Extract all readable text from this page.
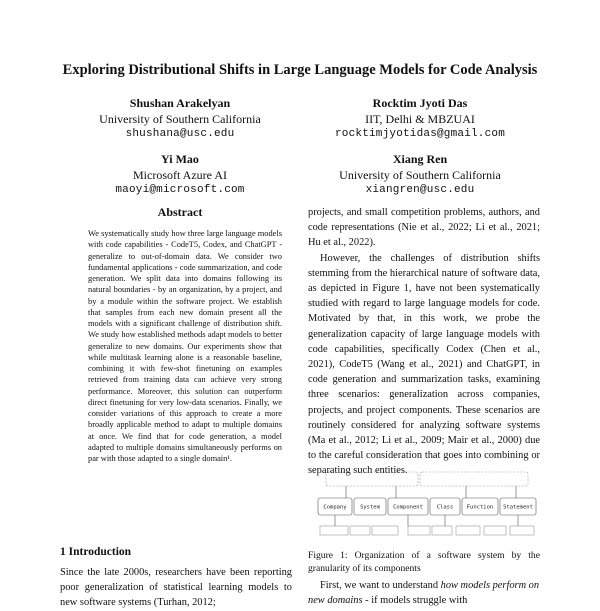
Exploring Distributional Shifts in Large Language Models for Code Analysis
Shushan Arakelyan
University of Southern California
shushana@usc.edu
Rocktim Jyoti Das
IIT, Delhi & MBZUAI
rocktimjyotidas@gmail.com
Yi Mao
Microsoft Azure AI
maoyi@microsoft.com
Xiang Ren
University of Southern California
xiangren@usc.edu
Abstract
We systematically study how three large language models with code capabilities - CodeT5, Codex, and ChatGPT - generalize to out-of-domain data. We consider two fundamental applications - code summarization, and code generation. We split data into domains following its natural boundaries - by an organization, by a project, and by a module within the software project. We establish that samples from each new domain present all the models with a significant challenge of distribution shift. We study how established methods adapt models to better generalize to new domains. Our experiments show that while multitask learning alone is a reasonable baseline, combining it with few-shot finetuning on examples retrieved from training data can achieve very strong performance. Moreover, this solution can outperform direct finetuning for very low-data scenarios. Finally, we consider variations of this approach to create a more broadly applicable method to adapt to multiple domains at once. We find that for code generation, a model adapted to multiple domains simultaneously performs on par with those adapted to a single domain¹.
1 Introduction
Since the late 2000s, researchers have been reporting poor generalization of statistical learning models to new software systems (Turhan, 2012;

projects, and small competition problems, authors, and code representations (Nie et al., 2022; Li et al., 2021; Hu et al., 2022).

However, the challenges of distribution shifts stemming from the hierarchical nature of software data, as depicted in Figure 1, have not been systematically studied with regard to large language models for code. Motivated by that, in this work, we probe the generalization capacity of large language models with code capabilities, specifically Codex (Chen et al., 2021), CodeT5 (Wang et al., 2021) and ChatGPT, in code generation and summarization tasks, examining three scenarios: generalization across companies, projects, and project components. These scenarios are routinely considered for analyzing software systems (Ma et al., 2012; Li et al., 2009; Mair et al., 2000) due to the careful consideration that goes into combining or separating such entities.

Company System Component	Class Function Statement
Figure 1: Organization of a software system by the granularity of its components
First, we want to understand how models perform on new domains - if models struggle with
